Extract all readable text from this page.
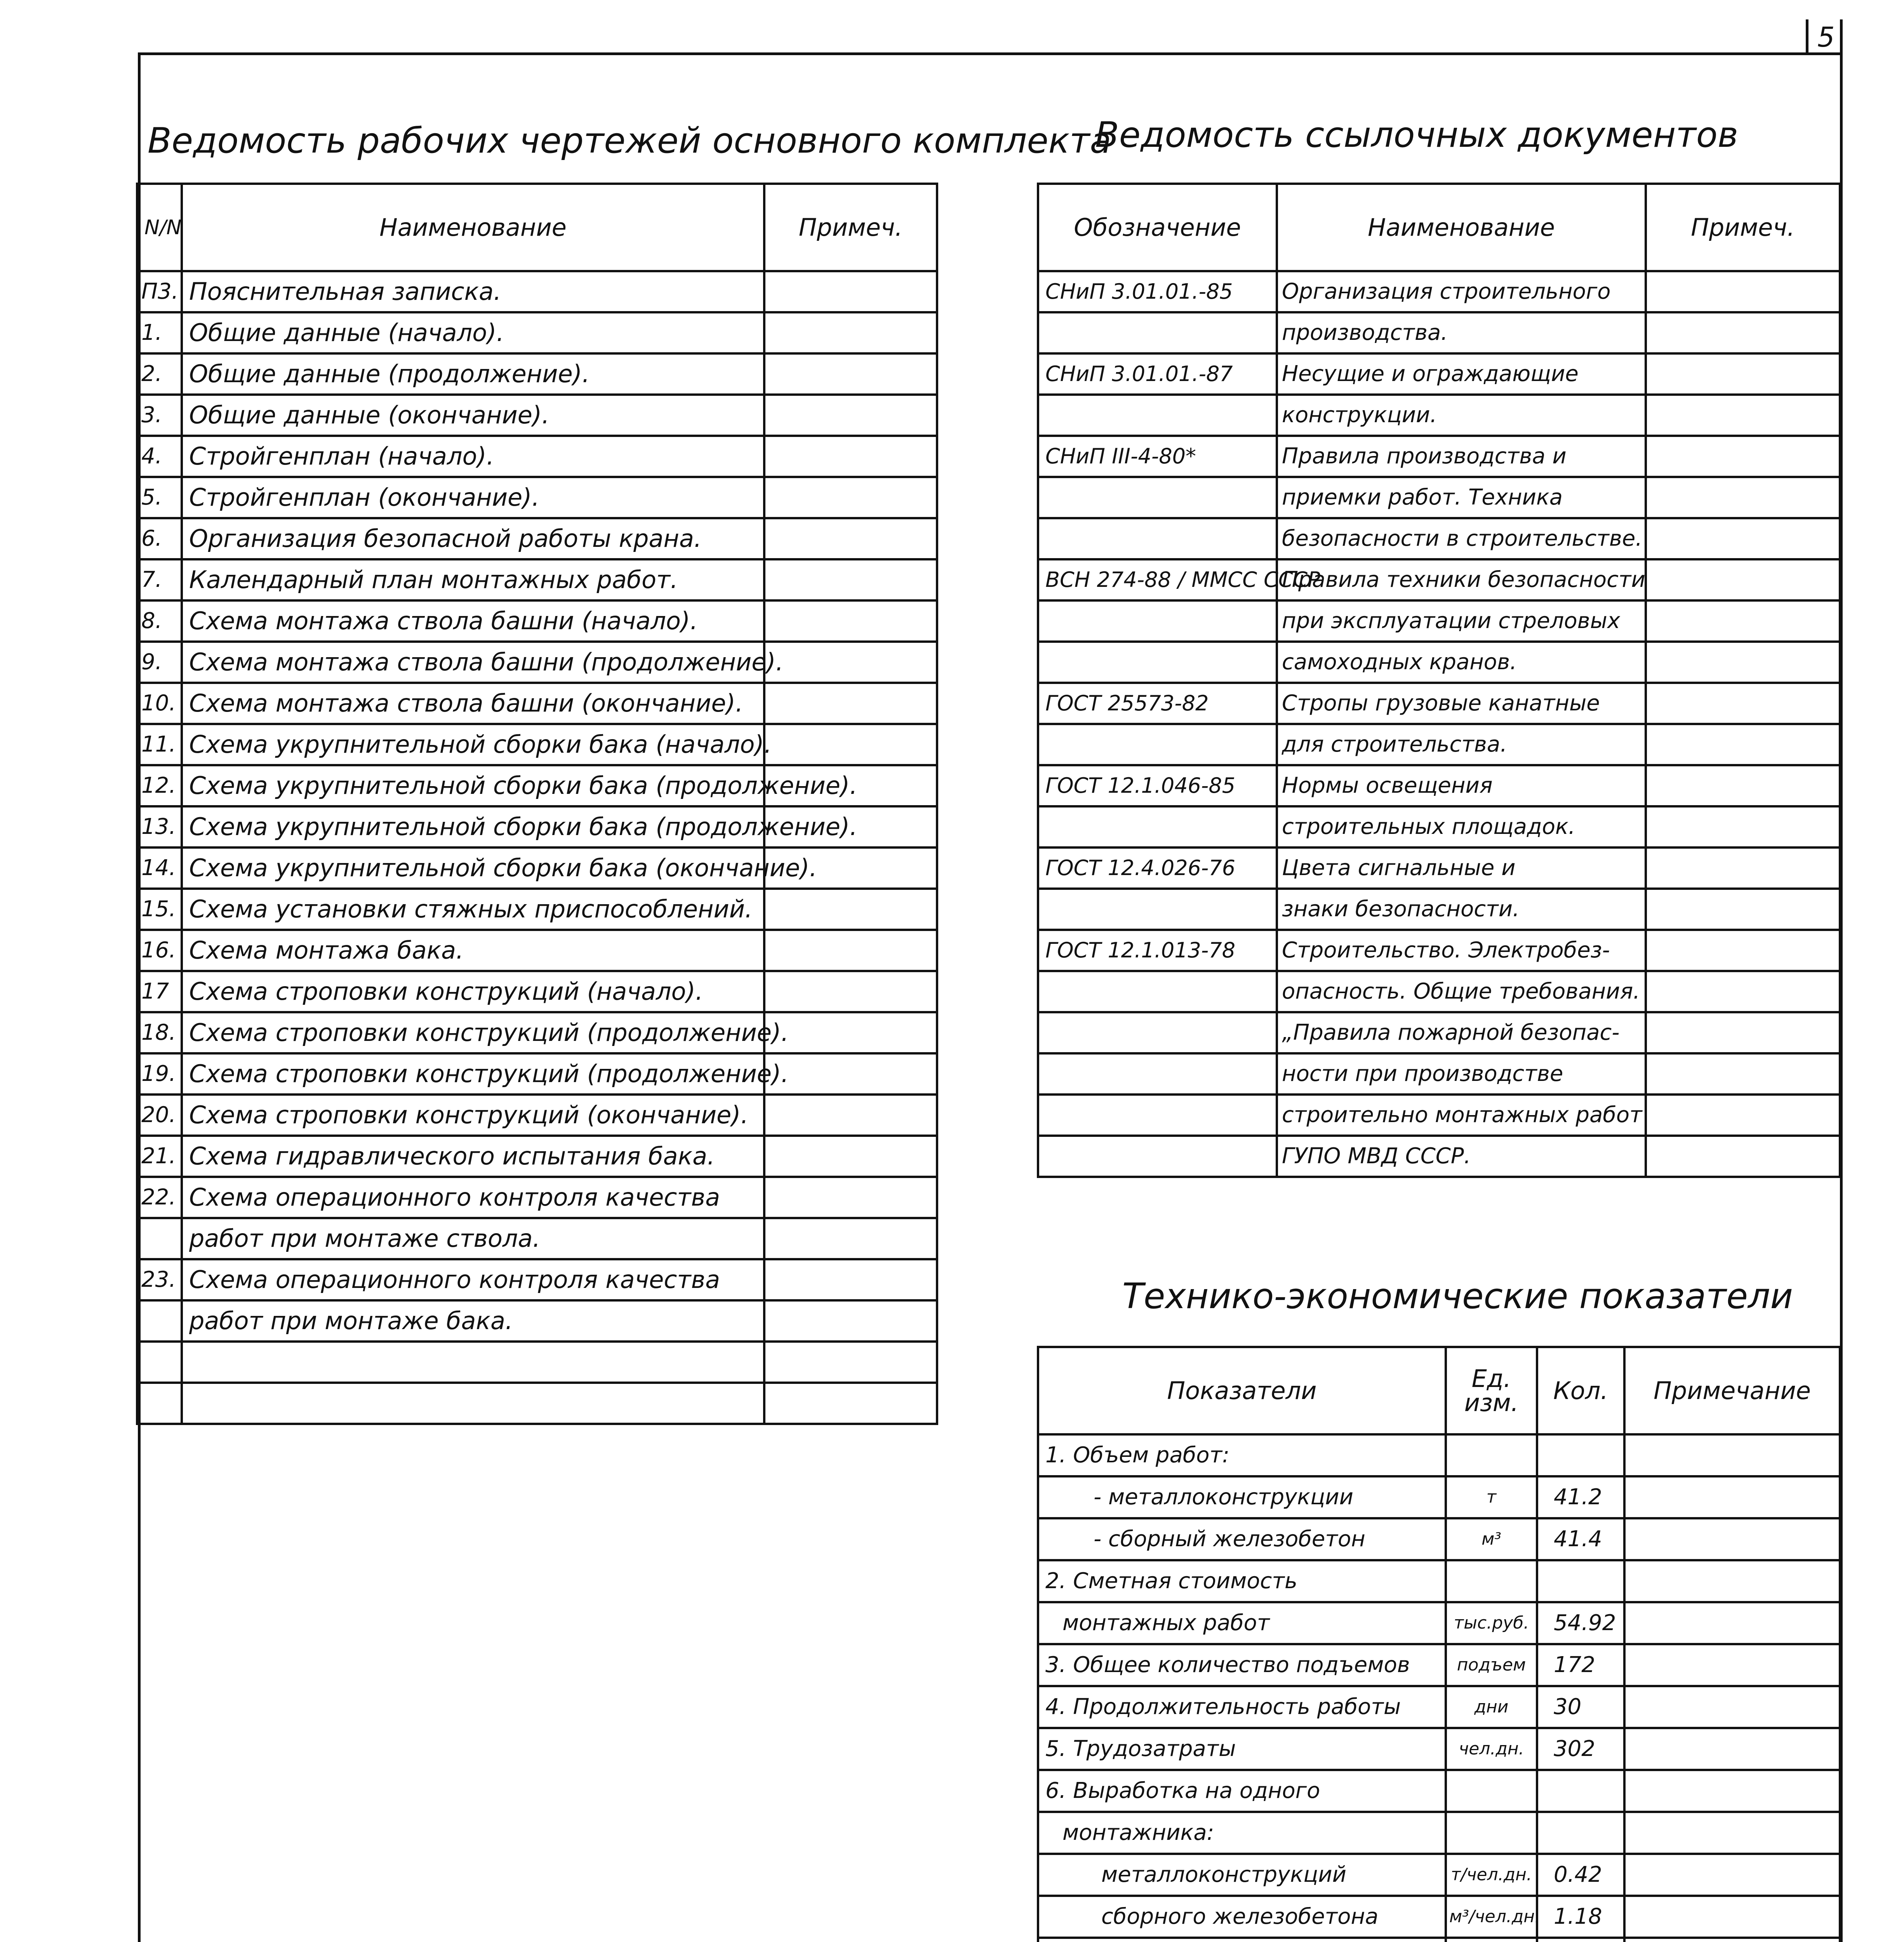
5
Ведомость рабочих чертежей основного комплекта
N/N	Наименование	Примеч.
П3.	Пояснительная записка.	
1.	Общие данные (начало).	
2.	Общие данные (продолжение).	
3.	Общие данные (окончание).	
4.	Стройгенплан (начало).	
5.	Стройгенплан (окончание).	
6.	Организация безопасной работы крана.	
7.	Календарный план монтажных работ.	
8.	Схема монтажа ствола башни (начало).	
9.	Схема монтажа ствола башни (продолжение).	
10.	Схема монтажа ствола башни (окончание).	
11.	Схема укрупнительной сборки бака (начало).	
12.	Схема укрупнительной сборки бака (продолжение).	
13.	Схема укрупнительной сборки бака (продолжение).	
14.	Схема укрупнительной сборки бака (окончание).	
15.	Схема установки стяжных приспособлений.	
16.	Схема монтажа бака.	
17	Схема строповки конструкций (начало).	
18.	Схема строповки конструкций (продолжение).	
19.	Схема строповки конструкций (продолжение).	
20.	Схема строповки конструкций (окончание).	
21.	Схема гидравлического испытания бака.	
22.	Схема операционного контроля качества	
	работ при монтаже ствола.	
23.	Схема операционного контроля качества	
	работ при монтаже бака.	

Ведомость ссылочных документов
Обозначение	Наименование	Примеч.
СНиП 3.01.01.-85	Организация строительного	
	производства.	
СНиП 3.01.01.-87	Несущие и ограждающие	
	конструкции.	
СНиП III-4-80*	Правила производства и	
	приемки работ. Техника	
	безопасности в строительстве.	
ВСН 274-88 / ММСС СССР	Правила техники безопасности	
	при эксплуатации стреловых	
	самоходных кранов.	
ГОСТ 25573-82	Стропы грузовые канатные	
	для строительства.	
ГОСТ 12.1.046-85	Нормы освещения	
	строительных площадок.	
ГОСТ 12.4.026-76	Цвета сигнальные и	
	знаки безопасности.	
ГОСТ 12.1.013-78	Строительство. Электробез-	
	опасность. Общие требования.	
	„Правила пожарной безопас-	
	ности при производстве	
	строительно монтажных работ	
	ГУПО МВД СССР.	
Технико-экономические показатели
Показатели	Ед. изм.	Кол.	Примечание
1. Объем работ:			
- металлоконструкции	т	41.2	
- сборный железобетон	м³	41.4	
2. Сметная стоимость			
монтажных работ	тыс.руб.	54.92	
3. Общее количество подъемов	подъем	172	
4. Продолжительность работы	дни	30	
5. Трудозатраты	чел.дн.	302	
6. Выработка на одного			
монтажника:			
металлоконструкций	т/чел.дн.	0.42	
сборного железобетона	м³/чел.дн.	1.18	
